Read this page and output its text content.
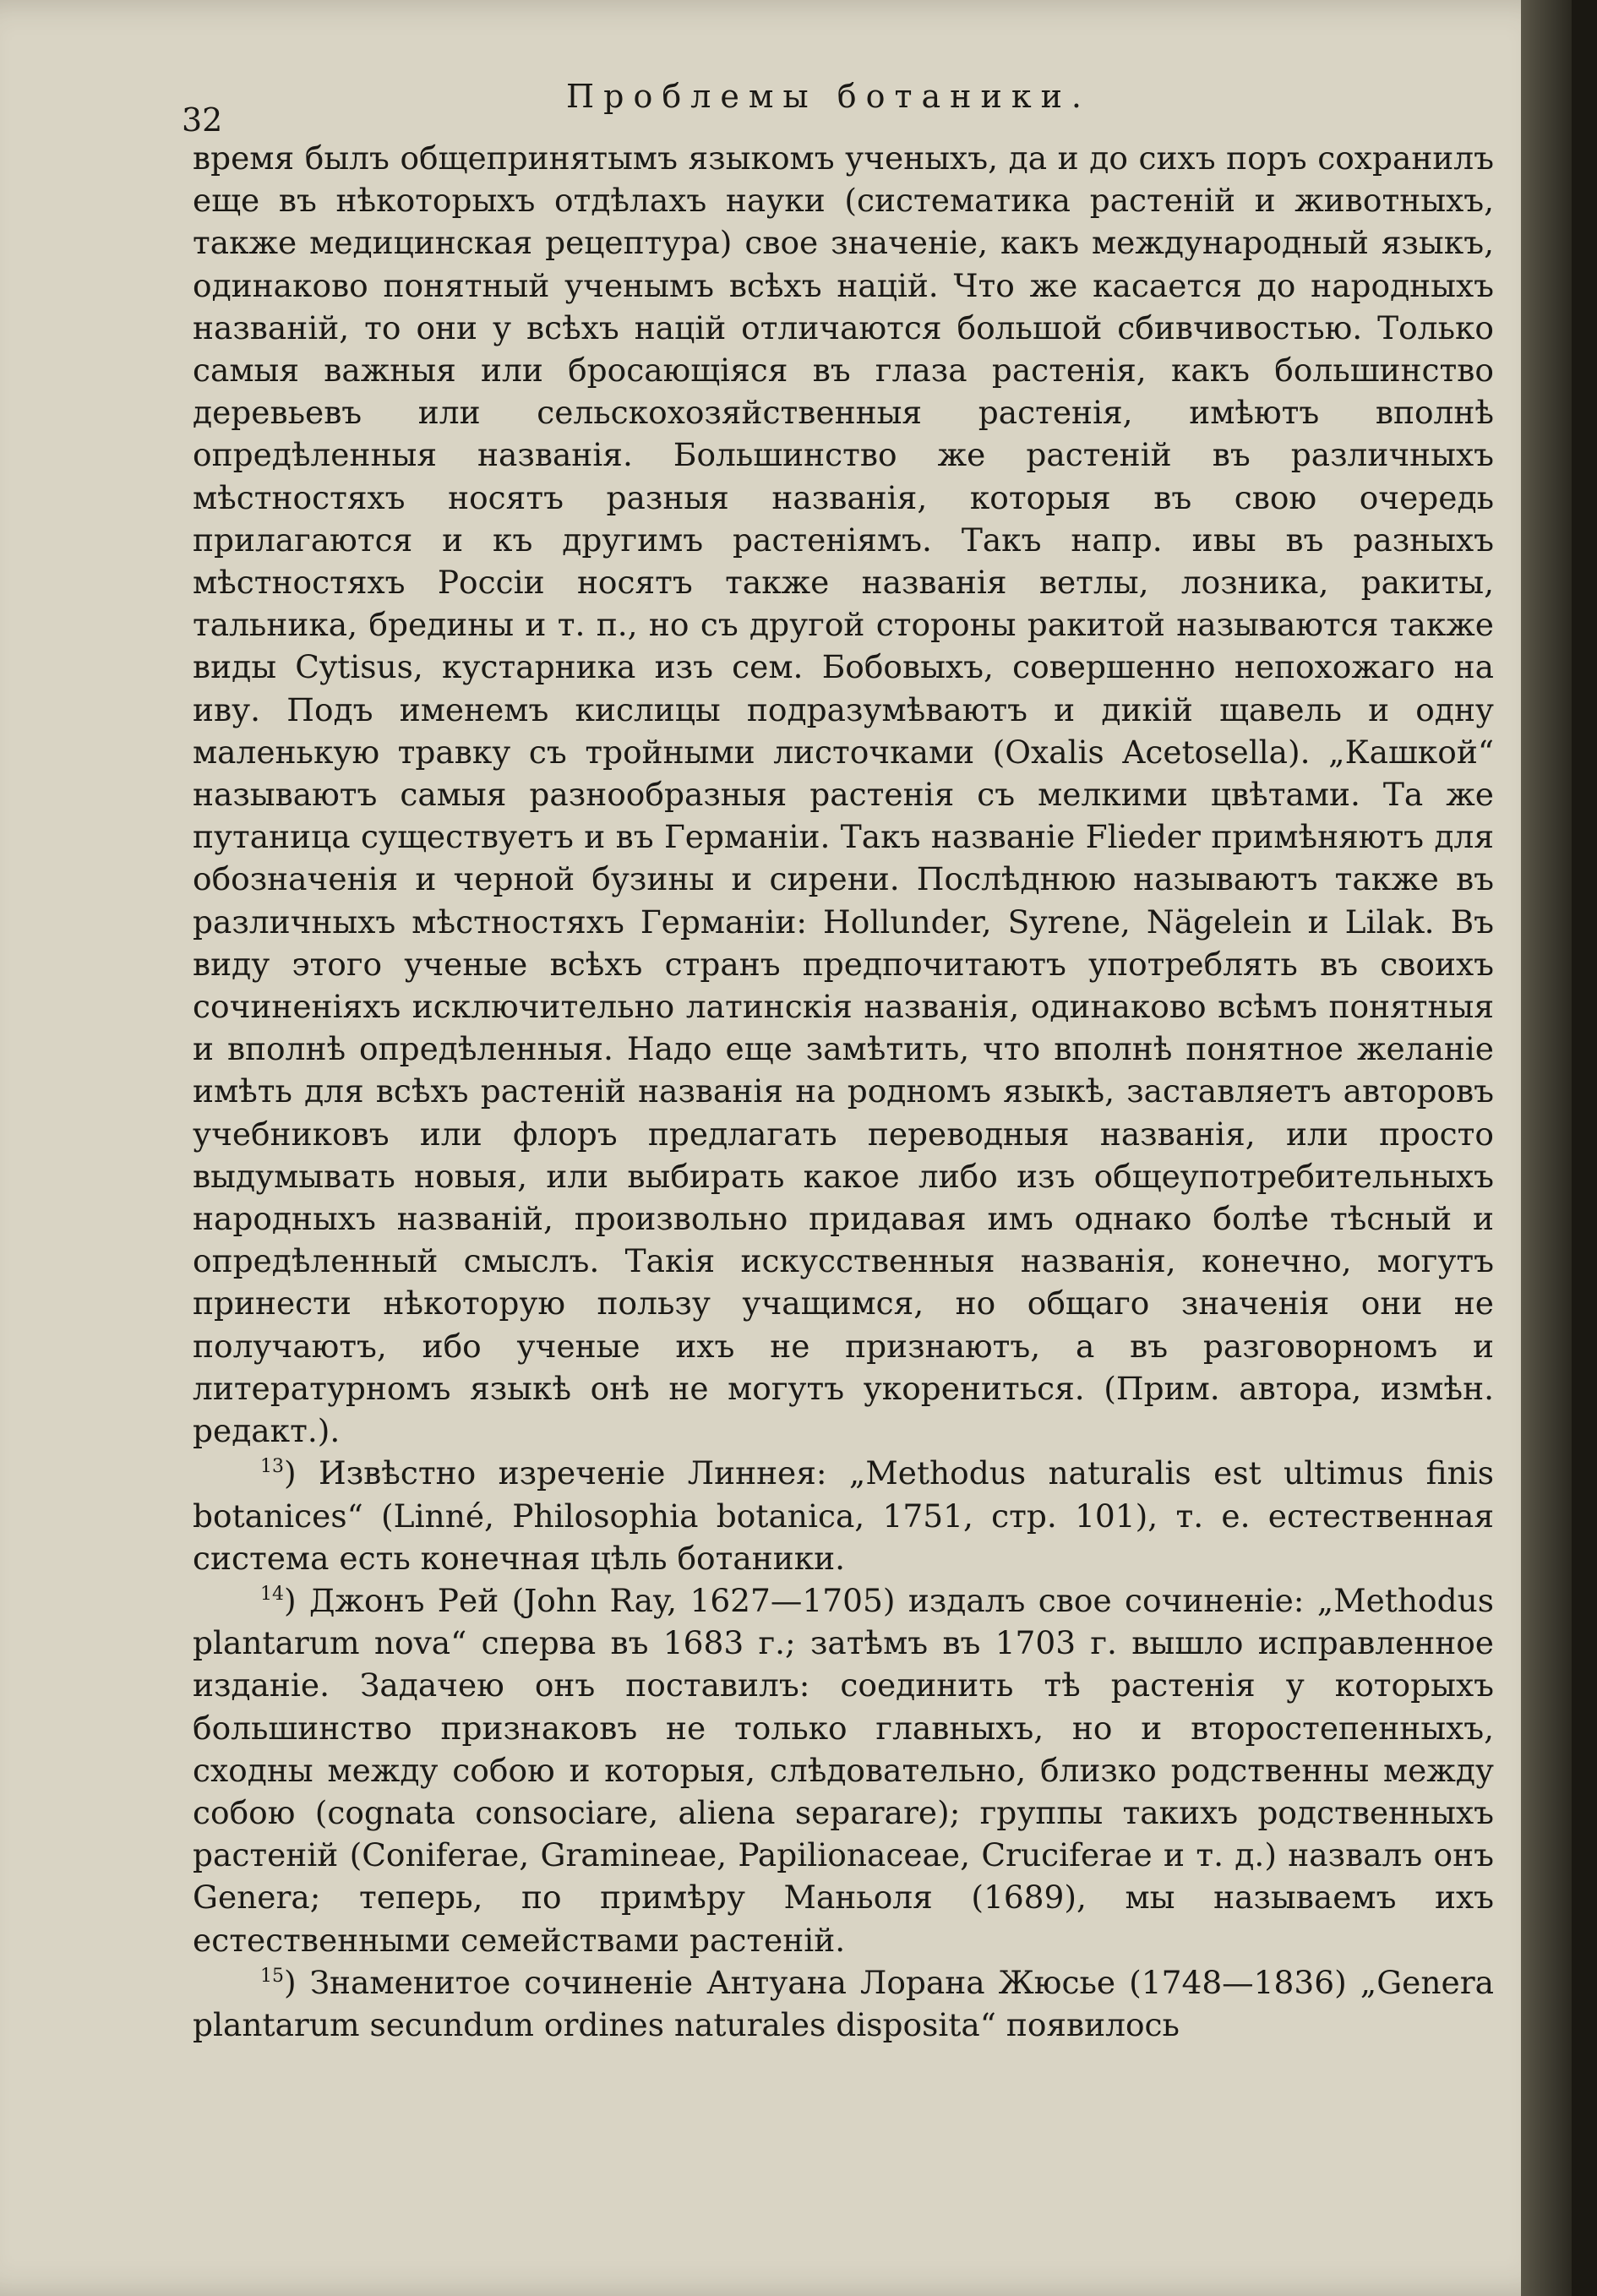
32
Проблемы ботаники.

время былъ общепринятымъ языкомъ ученыхъ, да и до сихъ поръ сохранилъ еще въ нѣкоторыхъ отдѣлахъ науки (систематика растенiй и животныхъ, также медицинская рецептура) свое значенiе, какъ международный языкъ, одинаково понятный ученымъ всѣхъ нацiй. Что же касается до народныхъ названiй, то они у всѣхъ нацiй отличаются большой сбивчивостью. Только самыя важныя или бросающiяся въ глаза растенiя, какъ большинство деревьевъ или сельскохозяйственныя растенiя, имѣютъ вполнѣ опредѣленныя названiя. Большинство же растенiй въ различныхъ мѣстностяхъ носятъ разныя названiя, которыя въ свою очередь прилагаются и къ другимъ растенiямъ. Такъ напр. ивы въ разныхъ мѣстностяхъ Россiи носятъ также названiя ветлы, лозника, ракиты, тальника, бредины и т. п., но съ другой стороны ракитой называются также виды Cytisus, кустарника изъ сем. Бобовыхъ, совершенно непохожаго на иву. Подъ именемъ кислицы подразумѣваютъ и дикiй щавель и одну маленькую травку съ тройными листочками (Oxalis Acetosella). „Кашкой“ называютъ самыя разнообразныя растенiя съ мелкими цвѣтами. Та же путаница существуетъ и въ Германiи. Такъ названiе Flieder примѣняютъ для обозначенiя и черной бузины и сирени. Послѣднюю называютъ также въ различныхъ мѣстностяхъ Германiи: Hollunder, Syrene, Nägelein и Lilak. Въ виду этого ученые всѣхъ странъ предпочитаютъ употреблять въ своихъ сочиненiяхъ исключительно латинскiя названiя, одинаково всѣмъ понятныя и вполнѣ опредѣленныя. Надо еще замѣтить, что вполнѣ понятное желанiе имѣть для всѣхъ растенiй названiя на родномъ языкѣ, заставляетъ авторовъ учебниковъ или флоръ предлагать переводныя названiя, или просто выдумывать новыя, или выбирать какое либо изъ общеупотребительныхъ народныхъ названiй, произвольно придавая имъ однако болѣе тѣсный и опредѣленный смыслъ. Такiя искусственныя названiя, конечно, могутъ принести нѣкоторую пользу учащимся, но общаго значенiя они не получаютъ, ибо ученые ихъ не признаютъ, а въ разговорномъ и литературномъ языкѣ онѣ не могутъ укорениться. (Прим. автора, измѣн. редакт.).

$^{13}$) Извѣстно изреченiе Линнея: „Methodus naturalis est ultimus finis botanices“ (Linné, Philosophia botanica, 1751, стр. 101), т. е. естественная система есть конечная цѣль ботаники.

$^{14}$) Джонъ Рей (John Ray, 1627—1705) издалъ свое сочиненiе: „Methodus plantarum nova“ сперва въ 1683 г.; затѣмъ въ 1703 г. вышло исправленное изданiе. Задачею онъ поставилъ: соединить тѣ растенiя у которыхъ большинство признаковъ не только главныхъ, но и второстепенныхъ, сходны между собою и которыя, слѣдовательно, близко родственны между собою (cognata consociare, aliena separare); группы такихъ родственныхъ растенiй (Coniferae, Gramineae, Papilionaceae, Cruciferae и т. д.) назвалъ онъ Genera; теперь, по примѣру Маньоля (1689), мы называемъ ихъ естественными семействами растенiй.

$^{15}$) Знаменитое сочиненiе Антуана Лорана Жюсье (1748—1836) „Genera plantarum secundum ordines naturales disposita“ появилось
